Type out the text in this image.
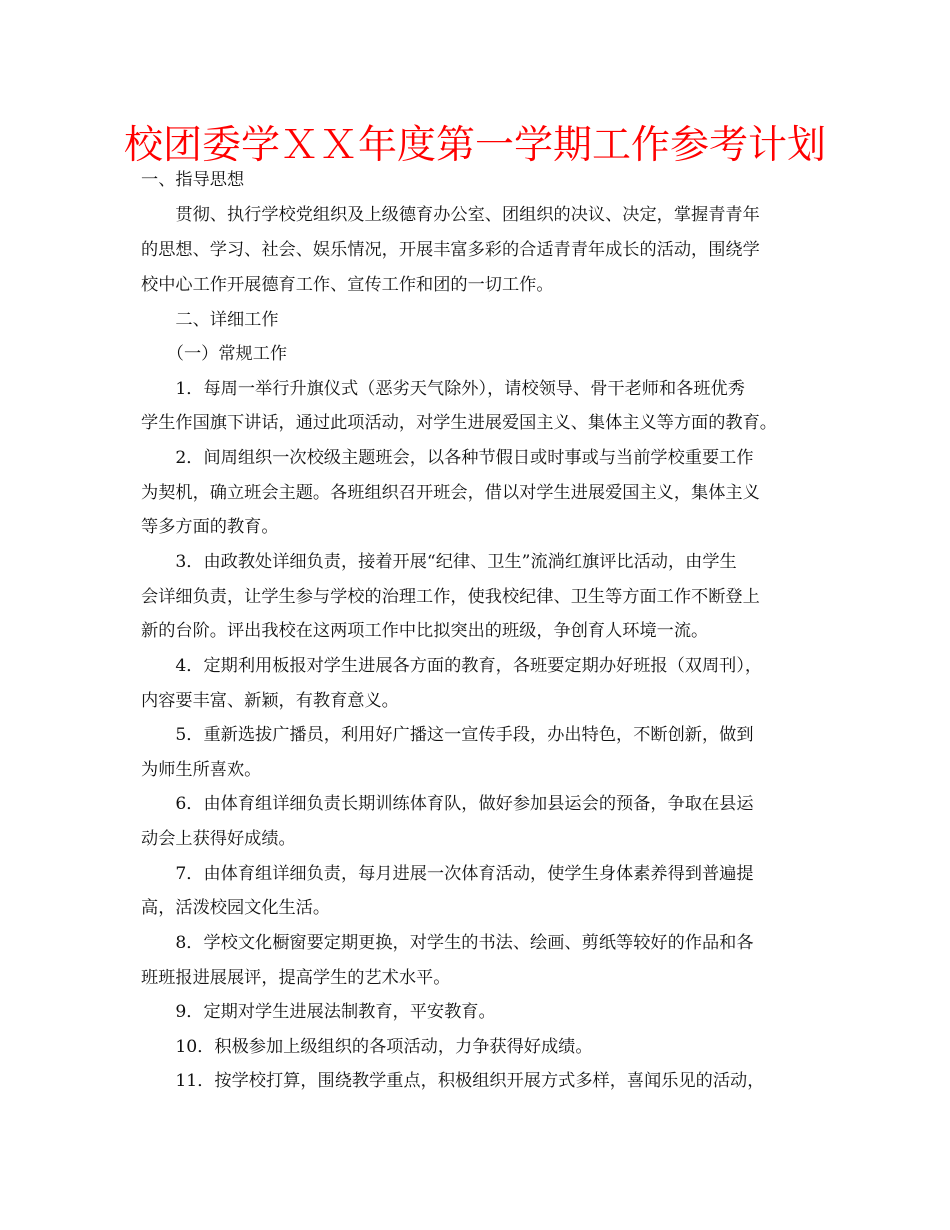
校团委学ＸＸ年度第一学期工作参考计划
一、指导思想
　　贯彻、执行学校党组织及上级德育办公室、团组织的决议、决定，掌握青青年
的思想、学习、社会、娱乐情况，开展丰富多彩的合适青青年成长的活动，围绕学
校中心工作开展德育工作、宣传工作和团的一切工作。
　　二、详细工作
　　（一）常规工作
　　1．每周一举行升旗仪式（恶劣天气除外），请校领导、骨干老师和各班优秀
学生作国旗下讲话，通过此项活动，对学生进展爱国主义、集体主义等方面的教育。
　　2．间周组织一次校级主题班会，以各种节假日或时事或与当前学校重要工作
为契机，确立班会主题。各班组织召开班会，借以对学生进展爱国主义，集体主义
等多方面的教育。
　　3．由政教处详细负责，接着开展“纪律、卫生”流淌红旗评比活动，由学生
会详细负责，让学生参与学校的治理工作，使我校纪律、卫生等方面工作不断登上
新的台阶。评出我校在这两项工作中比拟突出的班级，争创育人环境一流。
　　4．定期利用板报对学生进展各方面的教育，各班要定期办好班报（双周刊），
内容要丰富、新颖，有教育意义。
　　5．重新选拔广播员，利用好广播这一宣传手段，办出特色，不断创新，做到
为师生所喜欢。
　　6．由体育组详细负责长期训练体育队，做好参加县运会的预备，争取在县运
动会上获得好成绩。
　　7．由体育组详细负责，每月进展一次体育活动，使学生身体素养得到普遍提
高，活泼校园文化生活。
　　8．学校文化橱窗要定期更换，对学生的书法、绘画、剪纸等较好的作品和各
班班报进展展评，提高学生的艺术水平。
　　9．定期对学生进展法制教育，平安教育。
　　10．积极参加上级组织的各项活动，力争获得好成绩。
　　11．按学校打算，围绕教学重点，积极组织开展方式多样，喜闻乐见的活动，
